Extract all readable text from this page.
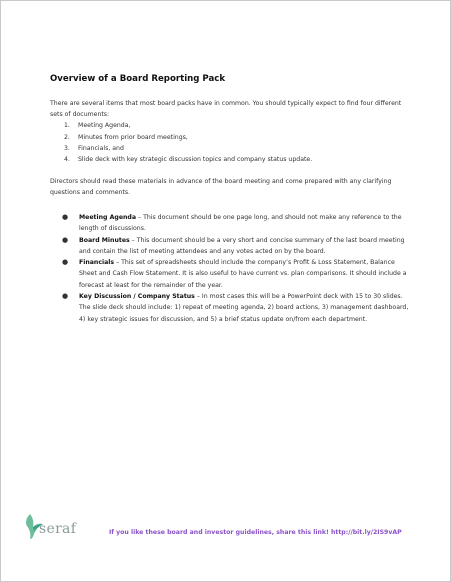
Overview of a Board Reporting Pack

There are several items that most board packs have in common. You should typically expect to find four different sets of documents:

1. Meeting Agenda,
2. Minutes from prior board meetings,
3. Financials, and
4. Slide deck with key strategic discussion topics and company status update.

Directors should read these materials in advance of the board meeting and come prepared with any clarifying questions and comments.

● Meeting Agenda – This document should be one page long, and should not make any reference to the length of discussions.
● Board Minutes – This document should be a very short and concise summary of the last board meeting and contain the list of meeting attendees and any votes acted on by the board.
● Financials – This set of spreadsheets should include the company’s Profit & Loss Statement, Balance Sheet and Cash Flow Statement. It is also useful to have current vs. plan comparisons. It should include a forecast at least for the remainder of the year.
● Key Discussion / Company Status – In most cases this will be a PowerPoint deck with 15 to 30 slides. The slide deck should include: 1) repeat of meeting agenda, 2) board actions, 3) management dashboard, 4) key strategic issues for discussion, and 5) a brief status update on/from each department.
seraf	If you like these board and investor guidelines, share this link! http://bit.ly/2IS9vAP
